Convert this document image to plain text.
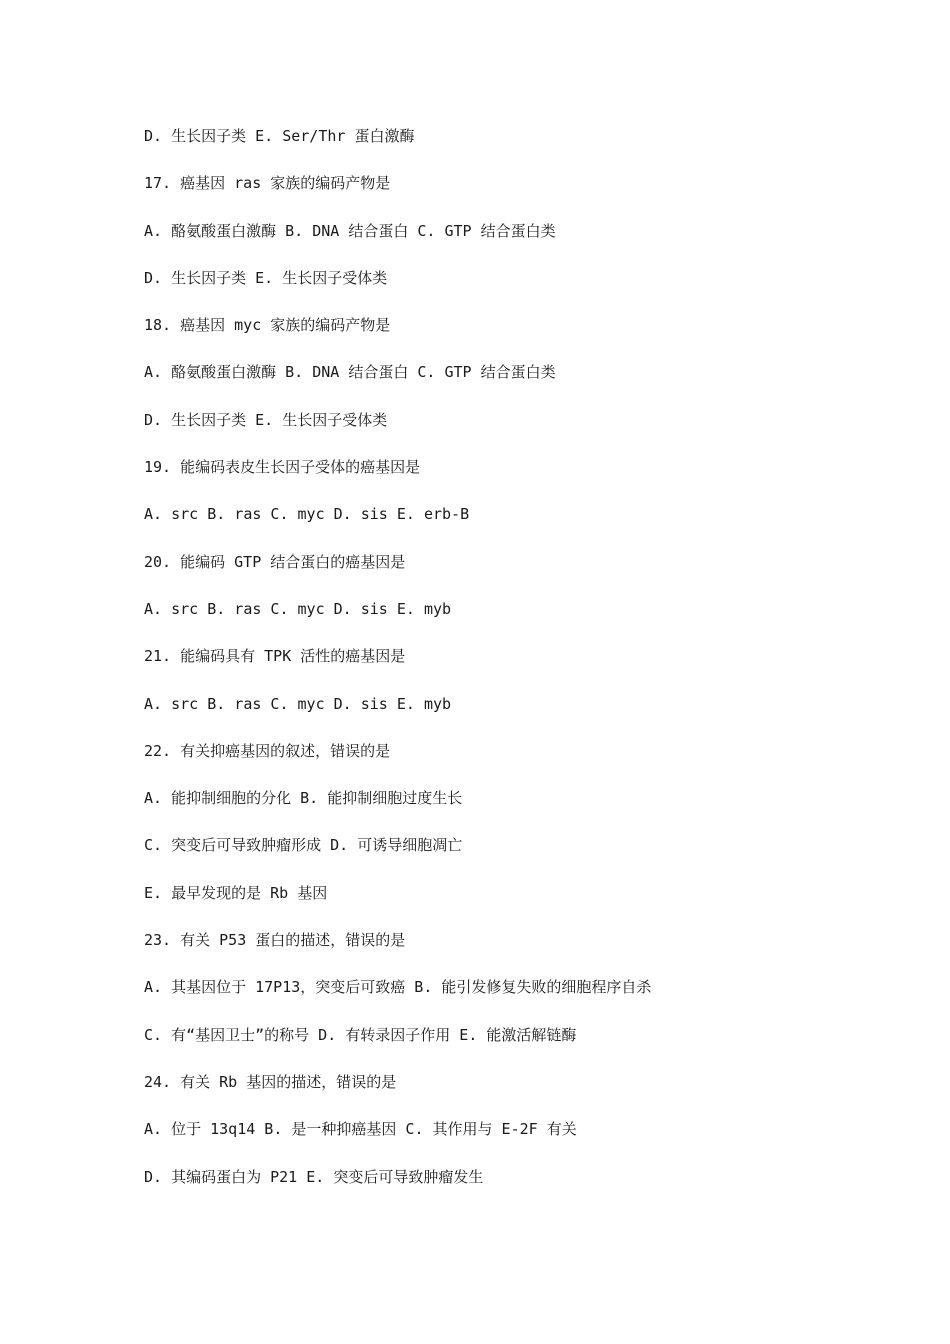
D. 生长因子类 E. Ser/Thr 蛋白激酶
17. 癌基因 ras 家族的编码产物是
A. 酪氨酸蛋白激酶 B. DNA 结合蛋白 C. GTP 结合蛋白类
D. 生长因子类 E. 生长因子受体类
18. 癌基因 myc 家族的编码产物是
A. 酪氨酸蛋白激酶 B. DNA 结合蛋白 C. GTP 结合蛋白类
D. 生长因子类 E. 生长因子受体类
19. 能编码表皮生长因子受体的癌基因是
A. src B. ras C. myc D. sis E. erb-B
20. 能编码 GTP 结合蛋白的癌基因是
A. src B. ras C. myc D. sis E. myb
21. 能编码具有 TPK 活性的癌基因是
A. src B. ras C. myc D. sis E. myb
22. 有关抑癌基因的叙述，错误的是
A. 能抑制细胞的分化 B. 能抑制细胞过度生长
C. 突变后可导致肿瘤形成 D. 可诱导细胞凋亡
E. 最早发现的是 Rb 基因
23. 有关 P53 蛋白的描述，错误的是
A. 其基因位于 17P13，突变后可致癌 B. 能引发修复失败的细胞程序自杀
C. 有“基因卫士”的称号 D. 有转录因子作用 E. 能激活解链酶
24. 有关 Rb 基因的描述，错误的是
A. 位于 13q14 B. 是一种抑癌基因 C. 其作用与 E-2F 有关
D. 其编码蛋白为 P21 E. 突变后可导致肿瘤发生
